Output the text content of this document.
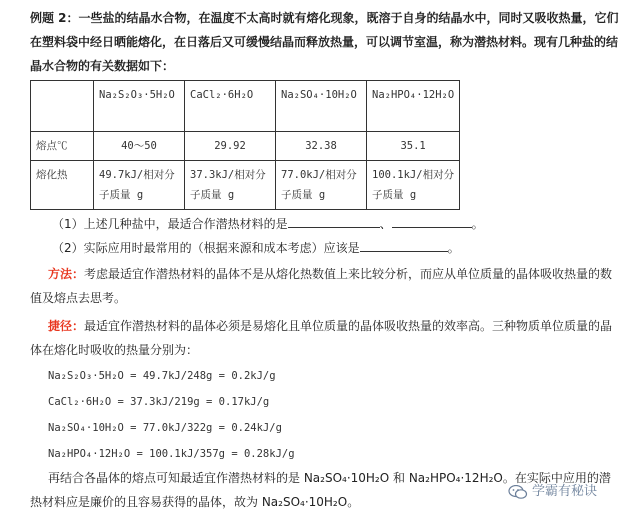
例题 2：一些盐的结晶水合物，在温度不太高时就有熔化现象，既溶于自身的结晶水中，同时又吸收热量，它们在塑料袋中经日晒能熔化，在日落后又可缓慢结晶而释放热量，可以调节室温，称为潜热材料。现有几种盐的结晶水合物的有关数据如下：
	Na₂S₂O₃·5H₂O	CaCl₂·6H₂O	Na₂SO₄·10H₂O	Na₂HPO₄·12H₂O
熔点℃	40～50	29.92	32.38	35.1
熔化热	49.7kJ/相对分子质量 g	37.3kJ/相对分子质量 g	77.0kJ/相对分子质量 g	100.1kJ/相对分子质量 g
（1）上述几种盐中，最适合作潜热材料的是	、	。
（2）实际应用时最常用的（根据来源和成本考虑）应该是	。
方法：考虑最适宜作潜热材料的晶体不是从熔化热数值上来比较分析，而应从单位质量的晶体吸收热量的数值及熔点去思考。
捷径：最适宜作潜热材料的晶体必须是易熔化且单位质量的晶体吸收热量的效率高。三种物质单位质量的晶体在熔化时吸收的热量分别为：
Na₂S₂O₃·5H₂O = 49.7kJ/248g = 0.2kJ/g
CaCl₂·6H₂O = 37.3kJ/219g = 0.17kJ/g
Na₂SO₄·10H₂O = 77.0kJ/322g = 0.24kJ/g
Na₂HPO₄·12H₂O = 100.1kJ/357g = 0.28kJ/g
再结合各晶体的熔点可知最适宜作潜热材料的是 Na₂SO₄·10H₂O 和 Na₂HPO₄·12H₂O。在实际中应用的潜热材料应是廉价的且容易获得的晶体，故为 Na₂SO₄·10H₂O。
学霸有秘诀
